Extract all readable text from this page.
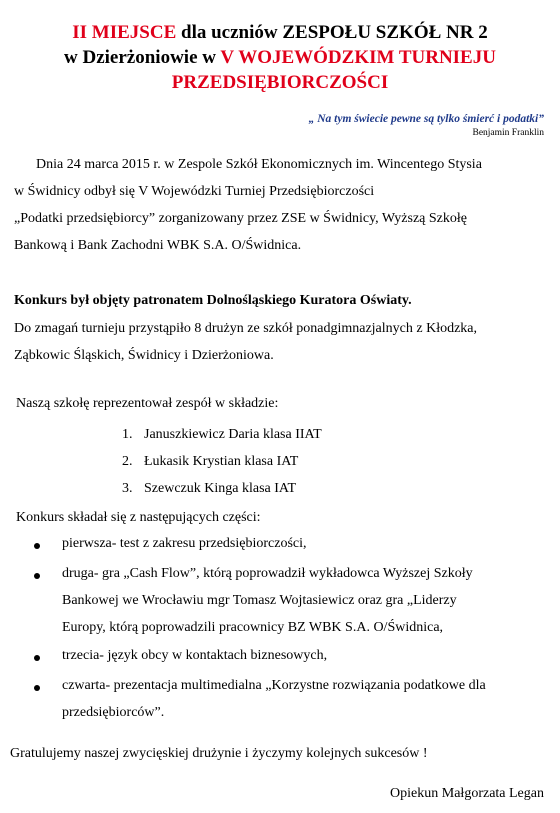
II MIEJSCE dla uczniów ZESPOŁU SZKÓŁ NR 2
w Dzierżoniowie w V WOJEWÓDZKIM TURNIEJU
PRZEDSIĘBIORCZOŚCI
„ Na tym świecie pewne są tylko śmierć i podatki”
Benjamin Franklin
Dnia 24 marca 2015 r. w Zespole Szkół Ekonomicznych im. Wincentego Stysia
w Świdnicy odbył się V Wojewódzki Turniej Przedsiębiorczości
„Podatki przedsiębiorcy” zorganizowany przez ZSE w Świdnicy, Wyższą Szkołę
Bankową i Bank Zachodni WBK S.A. O/Świdnica.
Konkurs był objęty patronatem Dolnośląskiego Kuratora Oświaty.
Do zmagań turnieju przystąpiło 8 drużyn ze szkół ponadgimnazjalnych z Kłodzka,
Ząbkowic Śląskich, Świdnicy i Dzierżoniowa.
Naszą szkołę reprezentował zespół w składzie:
1. Januszkiewicz Daria klasa IIAT
2. Łukasik Krystian klasa IAT
3. Szewczuk Kinga klasa IAT
Konkurs składał się z następujących części:
pierwsza- test z zakresu przedsiębiorczości,
druga- gra „Cash Flow”, którą poprowadził wykładowca Wyższej Szkoły
Bankowej we Wrocławiu mgr Tomasz Wojtasiewicz oraz gra „Liderzy
Europy, którą poprowadzili pracownicy BZ WBK S.A. O/Świdnica,
trzecia- język obcy w kontaktach biznesowych,
czwarta- prezentacja multimedialna „Korzystne rozwiązania podatkowe dla
przedsiębiorców”.
Gratulujemy naszej zwycięskiej drużynie i życzymy kolejnych sukcesów !
Opiekun Małgorzata Legan
